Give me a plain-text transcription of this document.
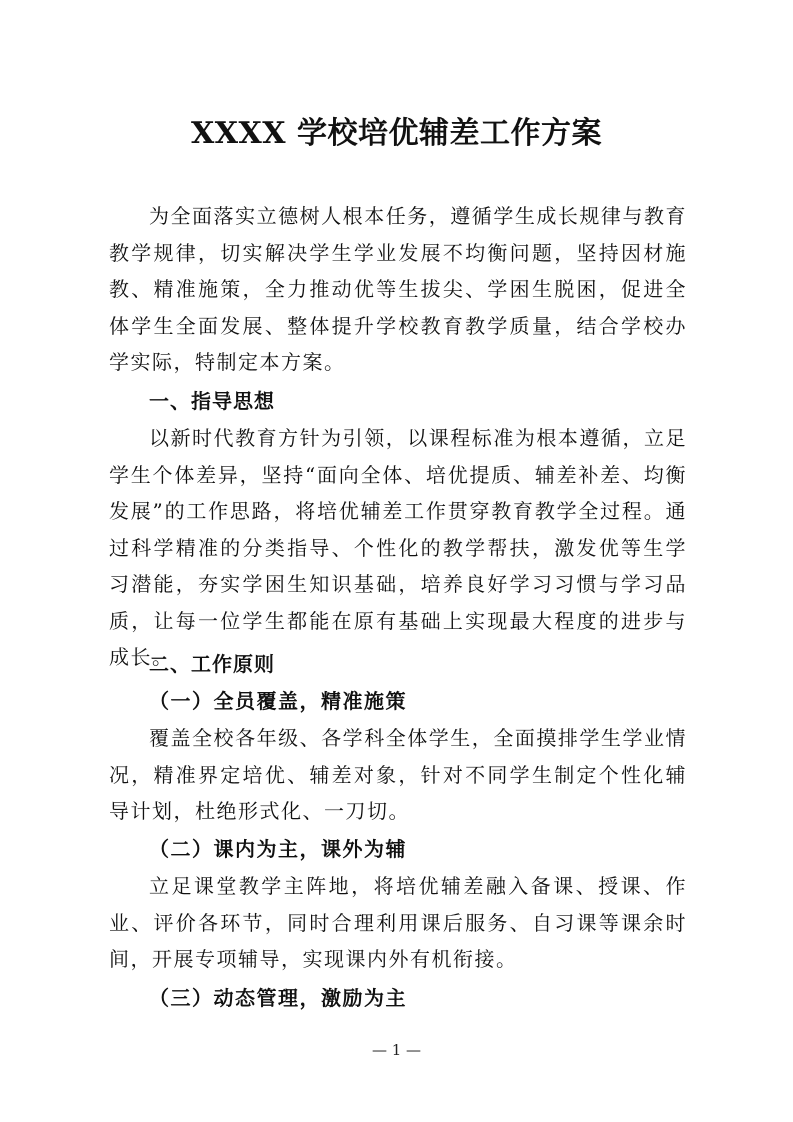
XXXX 学校培优辅差工作方案

为全面落实立德树人根本任务，遵循学生成长规律与教育教学规律，切实解决学生学业发展不均衡问题，坚持因材施教、精准施策，全力推动优等生拔尖、学困生脱困，促进全体学生全面发展、整体提升学校教育教学质量，结合学校办学实际，特制定本方案。

一、指导思想

以新时代教育方针为引领，以课程标准为根本遵循，立足学生个体差异，坚持“面向全体、培优提质、辅差补差、均衡发展”的工作思路，将培优辅差工作贯穿教育教学全过程。通过科学精准的分类指导、个性化的教学帮扶，激发优等生学习潜能，夯实学困生知识基础，培养良好学习习惯与学习品质，让每一位学生都能在原有基础上实现最大程度的进步与成长。

二、工作原则
（一）全员覆盖，精准施策

覆盖全校各年级、各学科全体学生，全面摸排学生学业情况，精准界定培优、辅差对象，针对不同学生制定个性化辅导计划，杜绝形式化、一刀切。

（二）课内为主，课外为辅

立足课堂教学主阵地，将培优辅差融入备课、授课、作业、评价各环节，同时合理利用课后服务、自习课等课余时间，开展专项辅导，实现课内外有机衔接。

（三）动态管理，激励为主
— 1 —
